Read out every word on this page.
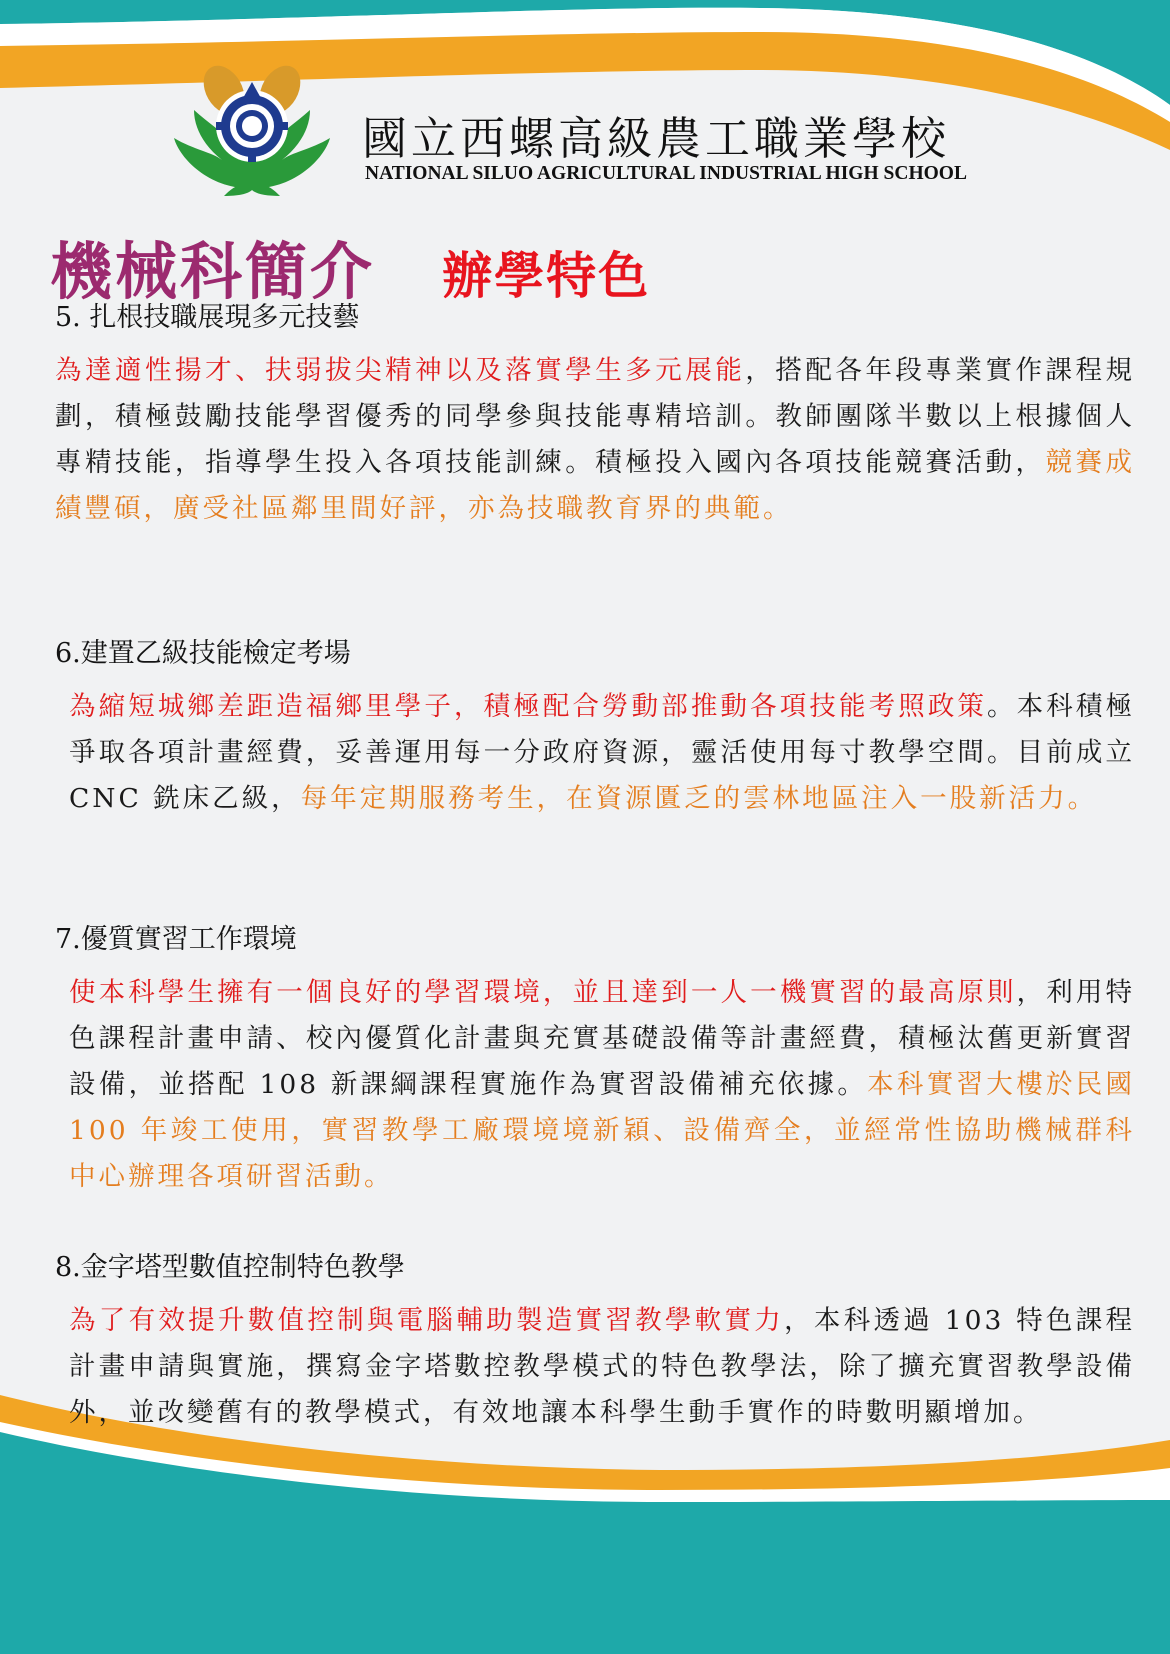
國立西螺高級農工職業學校
NATIONAL SILUO AGRICULTURAL INDUSTRIAL HIGH SCHOOL
機械科簡介 辦學特色

5. 扎根技職展現多元技藝

為達適性揚才、扶弱拔尖精神以及落實學生多元展能，搭配各年段專業實作課程規劃，積極鼓勵技能學習優秀的同學參與技能專精培訓。教師團隊半數以上根據個人專精技能，指導學生投入各項技能訓練。積極投入國內各項技能競賽活動，競賽成績豐碩，廣受社區鄰里間好評，亦為技職教育界的典範。

6.建置乙級技能檢定考場

為縮短城鄉差距造福鄉里學子，積極配合勞動部推動各項技能考照政策。本科積極爭取各項計畫經費，妥善運用每一分政府資源，靈活使用每寸教學空間。目前成立 CNC 銑床乙級，每年定期服務考生，在資源匱乏的雲林地區注入一股新活力。

7.優質實習工作環境

使本科學生擁有一個良好的學習環境，並且達到一人一機實習的最高原則，利用特色課程計畫申請、校內優質化計畫與充實基礎設備等計畫經費，積極汰舊更新實習設備，並搭配 108 新課綱課程實施作為實習設備補充依據。本科實習大樓於民國 100 年竣工使用，實習教學工廠環境境新穎、設備齊全，並經常性協助機械群科中心辦理各項研習活動。

8.金字塔型數值控制特色教學

為了有效提升數值控制與電腦輔助製造實習教學軟實力，本科透過 103 特色課程計畫申請與實施，撰寫金字塔數控教學模式的特色教學法，除了擴充實習教學設備外，並改變舊有的教學模式，有效地讓本科學生動手實作的時數明顯增加。
